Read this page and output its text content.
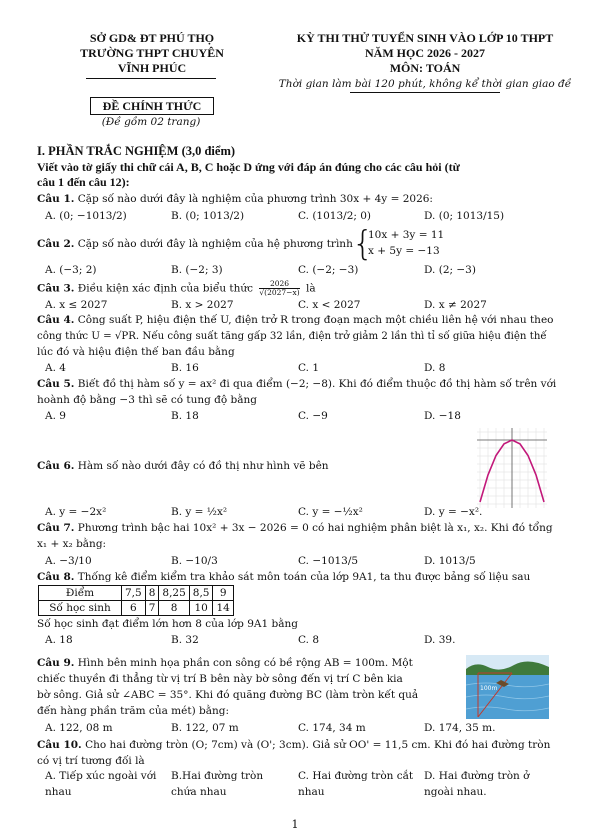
SỞ GD& ĐT PHÚ THỌ
TRƯỜNG THPT CHUYÊN
VĨNH PHÚC
ĐỀ CHÍNH THỨC
(Đề gồm 02 trang)
KỲ THI THỬ TUYỂN SINH VÀO LỚP 10 THPT
NĂM HỌC 2026 - 2027
MÔN: TOÁN
Thời gian làm bài 120 phút, không kể thời gian giao đề
I. PHẦN TRẮC NGHIỆM (3,0 điểm)
Viết vào tờ giấy thi chữ cái A, B, C hoặc D ứng với đáp án đúng cho các câu hỏi (từ
câu 1 đến câu 12):
Câu 1. Cặp số nào dưới đây là nghiệm của phương trình 30x + 4y = 2026:
A. (0; −1013/2)	B. (0; 1013/2)	C. (1013/2; 0)	D. (0; 1013/15)
Câu 2. Cặp số nào dưới đây là nghiệm của hệ phương trình {
10x + 3y = 11
x + 5y = −13
A. (−3; 2)	B. (−2; 3)	C. (−2; −3)	D. (2; −3)
Câu 3. Điều kiện xác định của biểu thức $\frac{2026}{√(2027-x)}$ là
A. x ≤ 2027	B. x > 2027	C. x < 2027	D. x ≠ 2027
Câu 4. Công suất P, hiệu điện thế U, điện trở R trong đoạn mạch một chiều liên hệ với nhau theo
công thức U = √PR. Nếu công suất tăng gấp 32 lần, điện trở giảm 2 lần thì tỉ số giữa hiệu điện thế
lúc đó và hiệu điện thế ban đầu bằng
A. 4	B. 16	C. 1	D. 8
Câu 5. Biết đồ thị hàm số y = ax² đi qua điểm (−2; −8). Khi đó điểm thuộc đồ thị hàm số trên với
hoành độ bằng −3 thì sẽ có tung độ bằng
A. 9	B. 18	C. −9	D. −18
Câu 6. Hàm số nào dưới đây có đồ thị như hình vẽ bên
A. y = −2x²	B. y = ½x²	C. y = −½x²	D. y = −x².
Câu 7. Phương trình bậc hai 10x² + 3x − 2026 = 0 có hai nghiệm phân biệt là x₁, x₂. Khi đó tổng
x₁ + x₂ bằng:
A. −3/10	B. −10/3	C. −1013/5	D. 1013/5
Câu 8. Thống kê điểm kiểm tra khảo sát môn toán của lớp 9A1, ta thu được bảng số liệu sau
Điểm	7,5	8	8,25	8,5	9
Số học sinh	6	7	8	10	14
Số học sinh đạt điểm lớn hơn 8 của lớp 9A1 bằng
A. 18	B. 32	C. 8	D. 39.
Câu 9. Hình bên minh họa phần con sông có bề rộng AB = 100m. Một
chiếc thuyền đi thẳng từ vị trí B bên này bờ sông đến vị trí C bên kia
bờ sông. Giả sử ∠ABC = 35°. Khi đó quãng đường BC (làm tròn kết quả
đến hàng phần trăm của mét) bằng:
100m
A. 122, 08 m	B. 122, 07 m	C. 174, 34 m	D. 174, 35 m.
Câu 10. Cho hai đường tròn (O; 7cm) và (O'; 3cm). Giả sử OO' = 11,5 cm. Khi đó hai đường tròn
có vị trí tương đối là
A. Tiếp xúc ngoài với
nhau
B.Hai đường tròn
chứa nhau
C. Hai đường tròn cắt
nhau
D. Hai đường tròn ở
ngoài nhau.
1
